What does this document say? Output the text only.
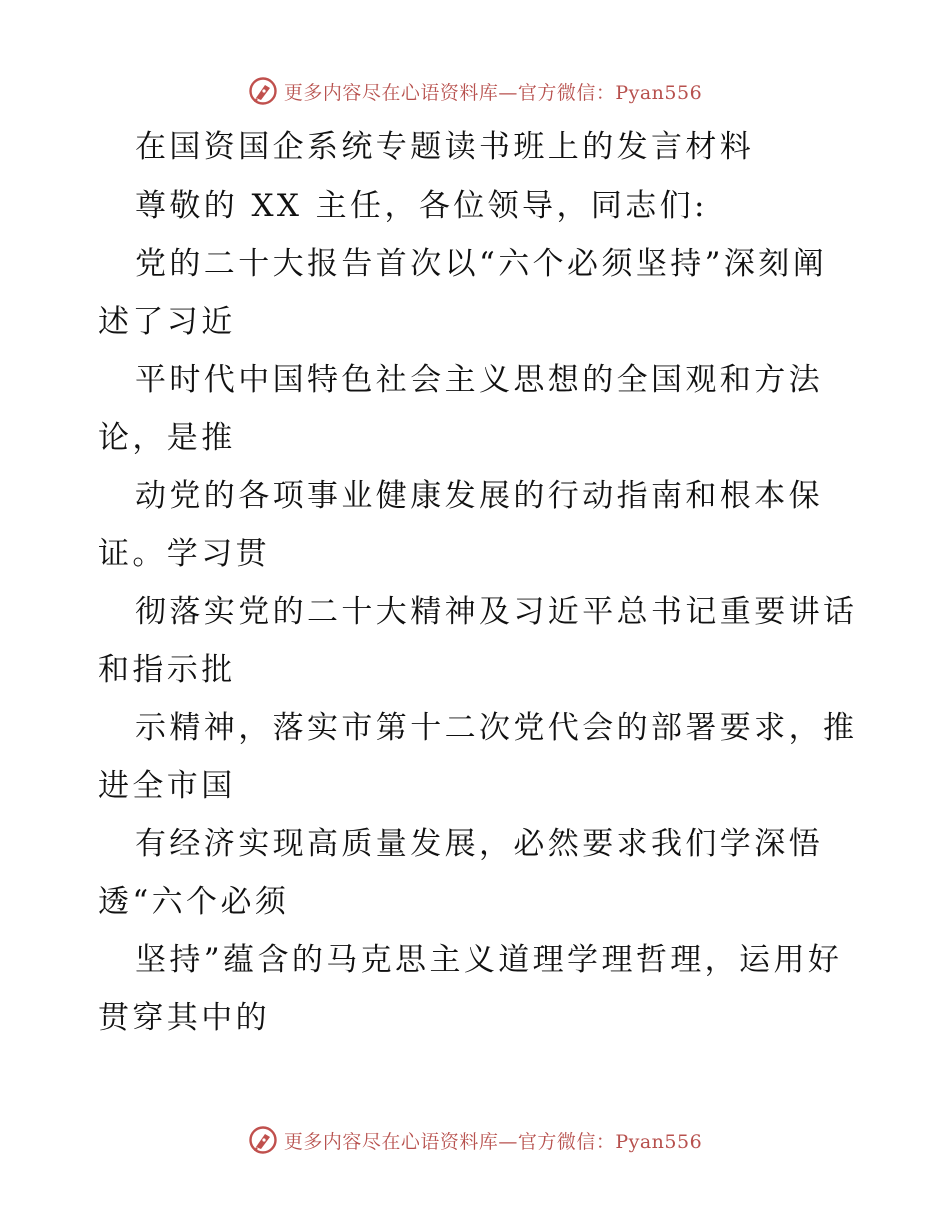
更多内容尽在心语资料库—官方微信：Pyan556
在国资国企系统专题读书班上的发言材料
尊敬的 XX 主任，各位领导，同志们:
党的二十大报告首次以“六个必须坚持”深刻阐
述了习近
平时代中国特色社会主义思想的全国观和方法
论，是推
动党的各项事业健康发展的行动指南和根本保
证。学习贯
彻落实党的二十大精神及习近平总书记重要讲话
和指示批
示精神，落实市第十二次党代会的部署要求，推
进全市国
有经济实现高质量发展，必然要求我们学深悟
透“六个必须
坚持”蕴含的马克思主义道理学理哲理，运用好
贯穿其中的
更多内容尽在心语资料库—官方微信：Pyan556
